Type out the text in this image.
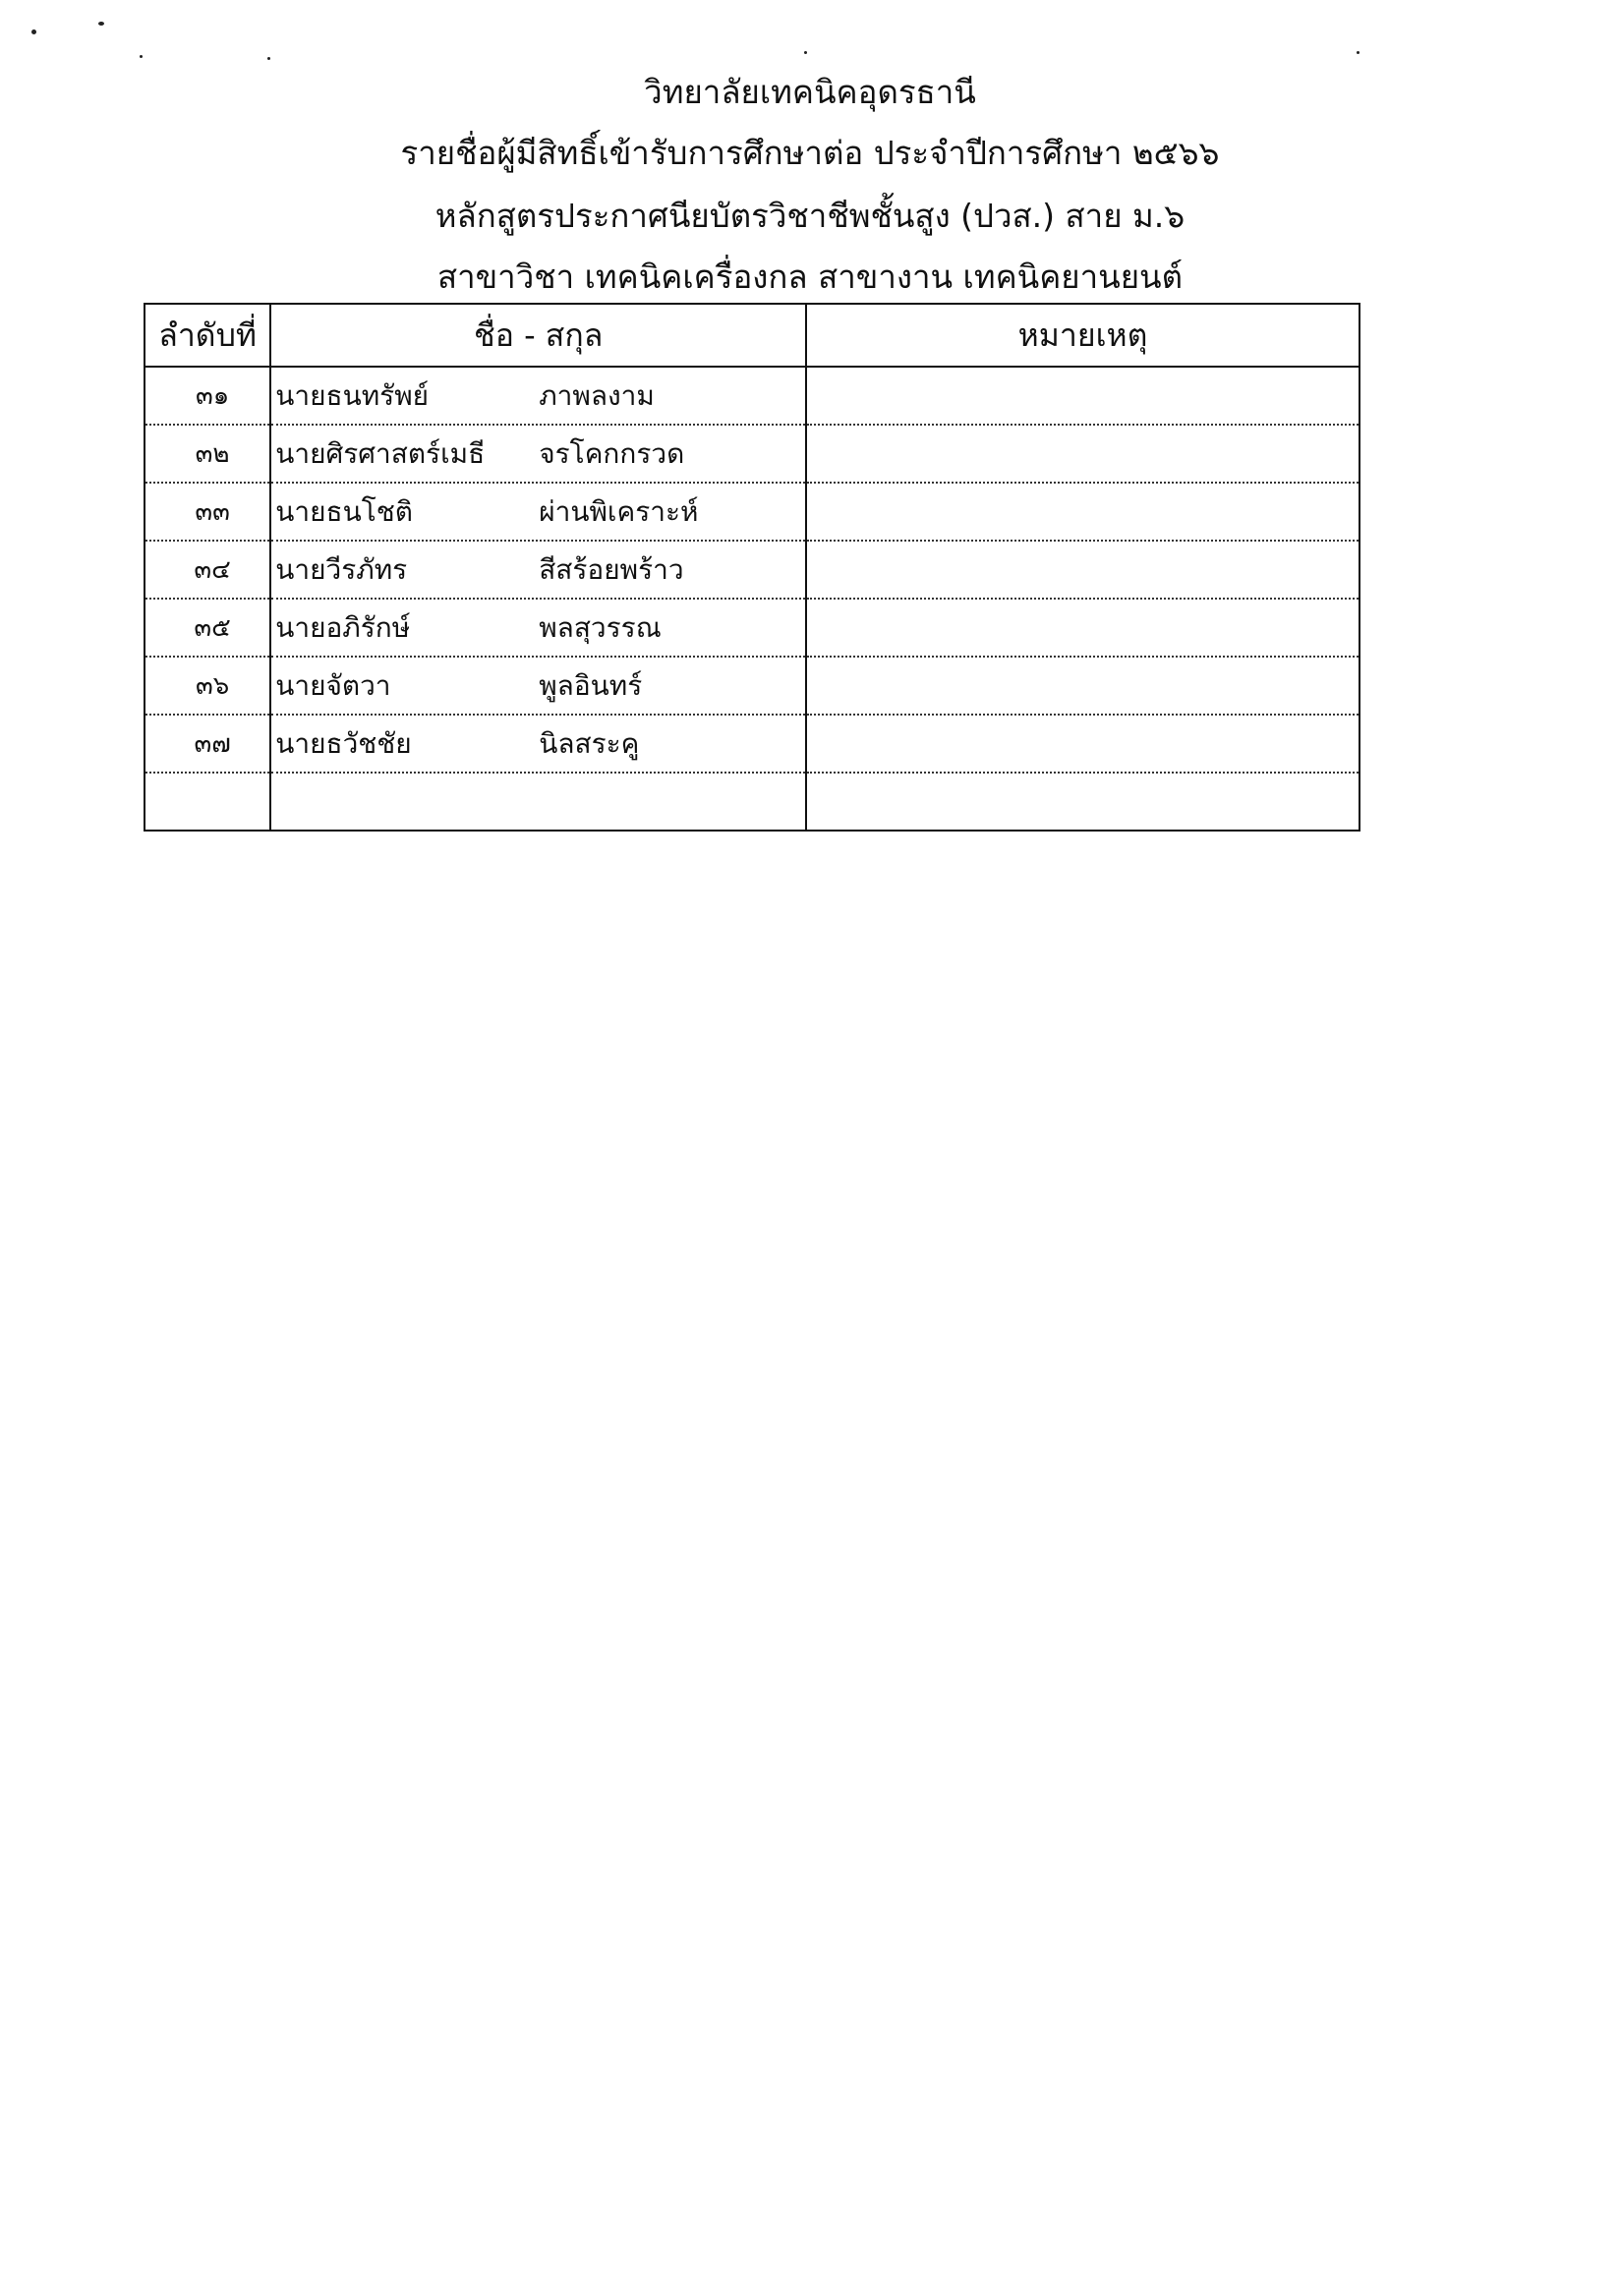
วิทยาลัยเทคนิคอุดรธานี
รายชื่อผู้มีสิทธิ์เข้ารับการศึกษาต่อ ประจำปีการศึกษา ๒๕๖๖
หลักสูตรประกาศนียบัตรวิชาชีพชั้นสูง (ปวส.) สาย ม.๖
สาขาวิชา เทคนิคเครื่องกล สาขางาน เทคนิคยานยนต์
ลำดับที่	ชื่อ - สกุล	หมายเหตุ
๓๑	นายธนทรัพย์ ภาพลงาม	

๓๒	นายศิรศาสตร์เมธี จรโคกกรวด	

๓๓	นายธนโชติ ผ่านพิเคราะห์	

๓๔	นายวีรภัทร สีสร้อยพร้าว	

๓๕	นายอภิรักษ์ พลสุวรรณ	

๓๖	นายจัตวา พูลอินทร์	

๓๗	นายธวัชชัย นิลสระคู	
